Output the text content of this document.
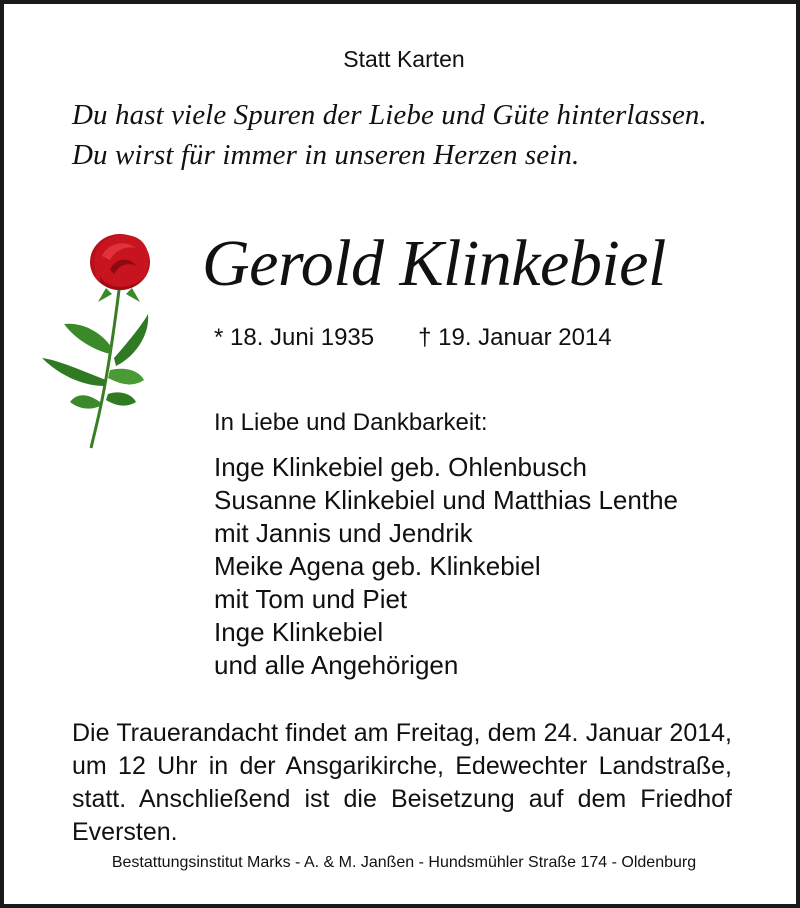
Statt Karten

Du hast viele Spuren der Liebe und Güte hinterlassen.

Du wirst für immer in unseren Herzen sein.

Gerold Klinkebiel

* 18. Juni 1935 † 19. Januar 2014

In Liebe und Dankbarkeit:

Inge Klinkebiel geb. Ohlenbusch
Susanne Klinkebiel und Matthias Lenthe
mit Jannis und Jendrik
Meike Agena geb. Klinkebiel
mit Tom und Piet
Inge Klinkebiel
und alle Angehörigen

Die Trauerandacht findet am Freitag, dem 24. Januar 2014, um 12 Uhr in der Ansgarikirche, Edewechter Landstraße, statt. Anschließend ist die Beisetzung auf dem Friedhof Eversten.

Bestattungsinstitut Marks - A. & M. Janßen - Hundsmühler Straße 174 - Oldenburg
